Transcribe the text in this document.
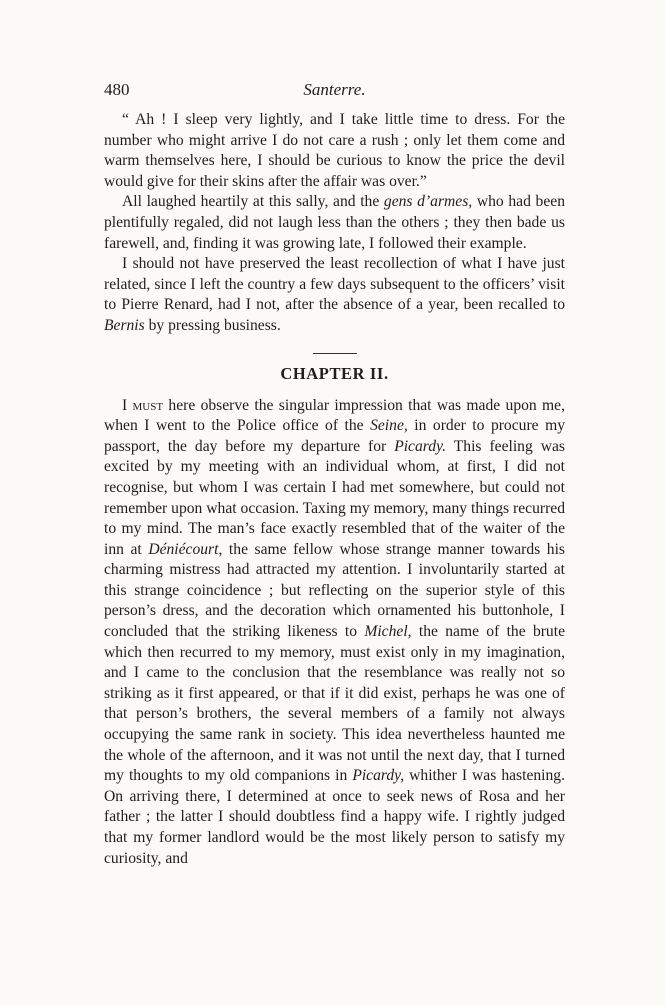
480	Santerre.

“ Ah ! I sleep very lightly, and I take little time to dress. For the number who might arrive I do not care a rush ; only let them come and warm themselves here, I should be curious to know the price the devil would give for their skins after the affair was over.”

All laughed heartily at this sally, and the gens d’armes, who had been plentifully regaled, did not laugh less than the others ; they then bade us farewell, and, finding it was growing late, I followed their example.

I should not have preserved the least recollection of what I have just related, since I left the country a few days subsequent to the officers’ visit to Pierre Renard, had I not, after the absence of a year, been recalled to Bernis by pressing business.

CHAPTER II.

I must here observe the singular impression that was made upon me, when I went to the Police office of the Seine, in order to procure my passport, the day before my departure for Picardy. This feeling was excited by my meeting with an individual whom, at first, I did not recognise, but whom I was certain I had met somewhere, but could not remember upon what occasion. Taxing my memory, many things recurred to my mind. The man’s face exactly resembled that of the waiter of the inn at Déniécourt, the same fellow whose strange manner towards his charming mistress had attracted my attention. I involuntarily started at this strange coincidence ; but reflecting on the superior style of this person’s dress, and the decoration which ornamented his buttonhole, I concluded that the striking likeness to Michel, the name of the brute which then recurred to my memory, must exist only in my imagination, and I came to the conclusion that the resemblance was really not so striking as it first appeared, or that if it did exist, perhaps he was one of that person’s brothers, the several members of a family not always occupying the same rank in society. This idea nevertheless haunted me the whole of the afternoon, and it was not until the next day, that I turned my thoughts to my old companions in Picardy, whither I was hastening. On arriving there, I determined at once to seek news of Rosa and her father ; the latter I should doubtless find a happy wife. I rightly judged that my former landlord would be the most likely person to satisfy my curiosity, and
